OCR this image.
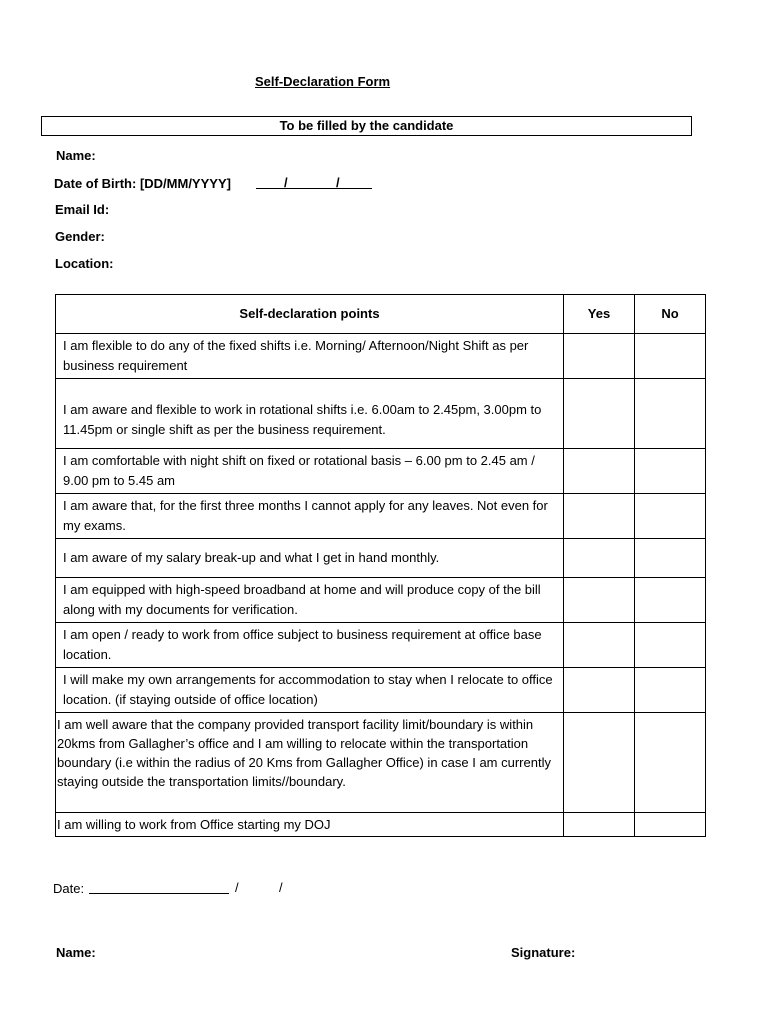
Self-Declaration Form
To be filled by the candidate
Name:
Date of Birth: [DD/MM/YYYY]	/	/
Email Id:
Gender:
Location:
Self-declaration points	Yes	No
I am flexible to do any of the fixed shifts i.e. Morning/ Afternoon/Night Shift as per business requirement		
I am aware and flexible to work in rotational shifts i.e. 6.00am to 2.45pm, 3.00pm to 11.45pm or single shift as per the business requirement.		
I am comfortable with night shift on fixed or rotational basis – 6.00 pm to 2.45 am / 9.00 pm to 5.45 am		
I am aware that, for the first three months I cannot apply for any leaves. Not even for my exams.		
I am aware of my salary break-up and what I get in hand monthly.		
I am equipped with high-speed broadband at home and will produce copy of the bill along with my documents for verification.		
I am open / ready to work from office subject to business requirement at office base location.		
I will make my own arrangements for accommodation to stay when I relocate to office location. (if staying outside of office location)		
I am well aware that the company provided transport facility limit/boundary is within 20kms from Gallagher’s office and I am willing to relocate within the transportation boundary (i.e within the radius of 20 Kms from Gallagher Office) in case I am currently staying outside the transportation limits//boundary.		
I am willing to work from Office starting my DOJ		
Date:	/	/
Name:	Signature:
